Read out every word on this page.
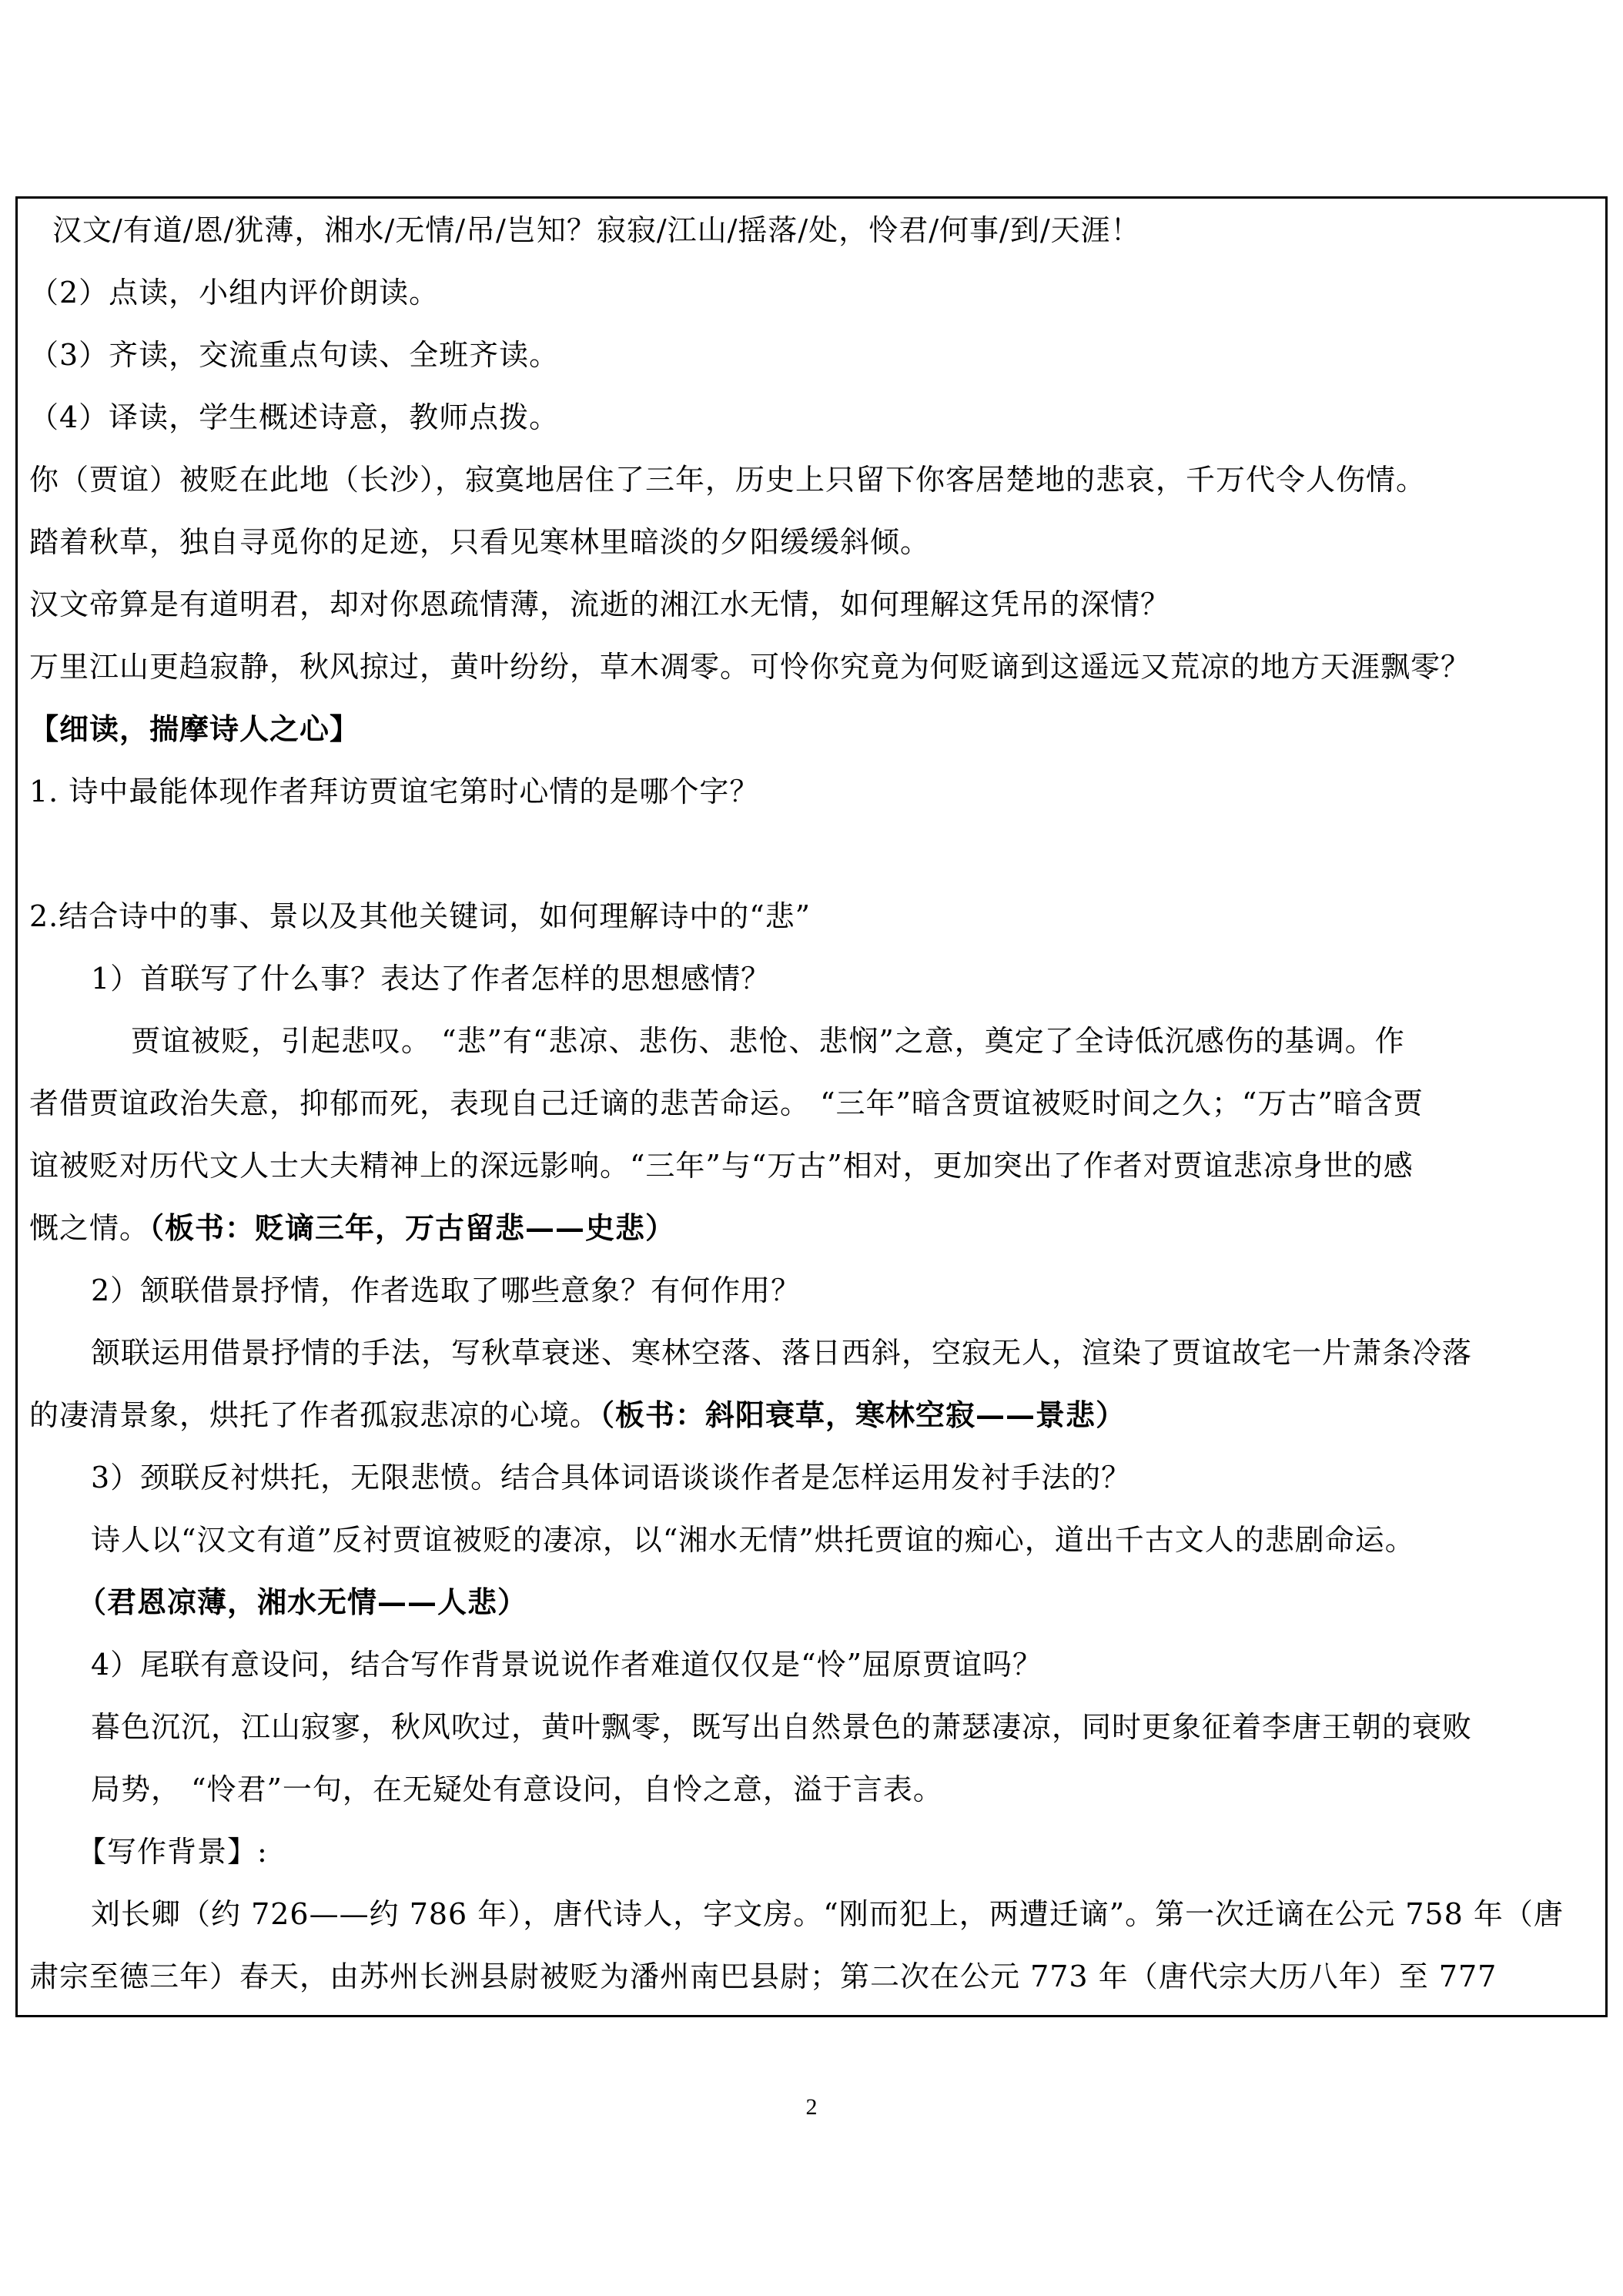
汉文/有道/恩/犹薄，湘水/无情/吊/岂知？寂寂/江山/摇落/处，怜君/何事/到/天涯！
（2）点读，小组内评价朗读。
（3）齐读，交流重点句读、全班齐读。
（4）译读，学生概述诗意，教师点拨。
你（贾谊）被贬在此地（长沙），寂寞地居住了三年，历史上只留下你客居楚地的悲哀，千万代令人伤情。
踏着秋草，独自寻觅你的足迹，只看见寒林里暗淡的夕阳缓缓斜倾。
汉文帝算是有道明君，却对你恩疏情薄，流逝的湘江水无情，如何理解这凭吊的深情？
万里江山更趋寂静，秋风掠过，黄叶纷纷，草木凋零。可怜你究竟为何贬谪到这遥远又荒凉的地方天涯飘零？
【细读，揣摩诗人之心】
1. 诗中最能体现作者拜访贾谊宅第时心情的是哪个字？
2.结合诗中的事、景以及其他关键词，如何理解诗中的“悲”
1）首联写了什么事？表达了作者怎样的思想感情？
贾谊被贬，引起悲叹。 “悲”有“悲凉、悲伤、悲怆、悲悯”之意，奠定了全诗低沉感伤的基调。作
者借贾谊政治失意，抑郁而死，表现自己迁谪的悲苦命运。 “三年”暗含贾谊被贬时间之久；“万古”暗含贾
谊被贬对历代文人士大夫精神上的深远影响。“三年”与“万古”相对，更加突出了作者对贾谊悲凉身世的感
慨之情。（板书：贬谪三年，万古留悲——史悲）
2）颔联借景抒情，作者选取了哪些意象？有何作用？
颔联运用借景抒情的手法，写秋草衰迷、寒林空落、落日西斜，空寂无人，渲染了贾谊故宅一片萧条冷落
的凄清景象，烘托了作者孤寂悲凉的心境。（板书：斜阳衰草，寒林空寂——景悲）
3）颈联反衬烘托，无限悲愤。结合具体词语谈谈作者是怎样运用发衬手法的？
诗人以“汉文有道”反衬贾谊被贬的凄凉，以“湘水无情”烘托贾谊的痴心，道出千古文人的悲剧命运。
（君恩凉薄，湘水无情——人悲）
4）尾联有意设问，结合写作背景说说作者难道仅仅是“怜”屈原贾谊吗？
暮色沉沉，江山寂寥，秋风吹过，黄叶飘零，既写出自然景色的萧瑟凄凉，同时更象征着李唐王朝的衰败
局势， “怜君”一句，在无疑处有意设问，自怜之意，溢于言表。
【写作背景】:
刘长卿（约 726——约 786 年），唐代诗人，字文房。“刚而犯上，两遭迁谪”。第一次迁谪在公元 758 年（唐
肃宗至德三年）春天，由苏州长洲县尉被贬为潘州南巴县尉；第二次在公元 773 年（唐代宗大历八年）至 777
2
